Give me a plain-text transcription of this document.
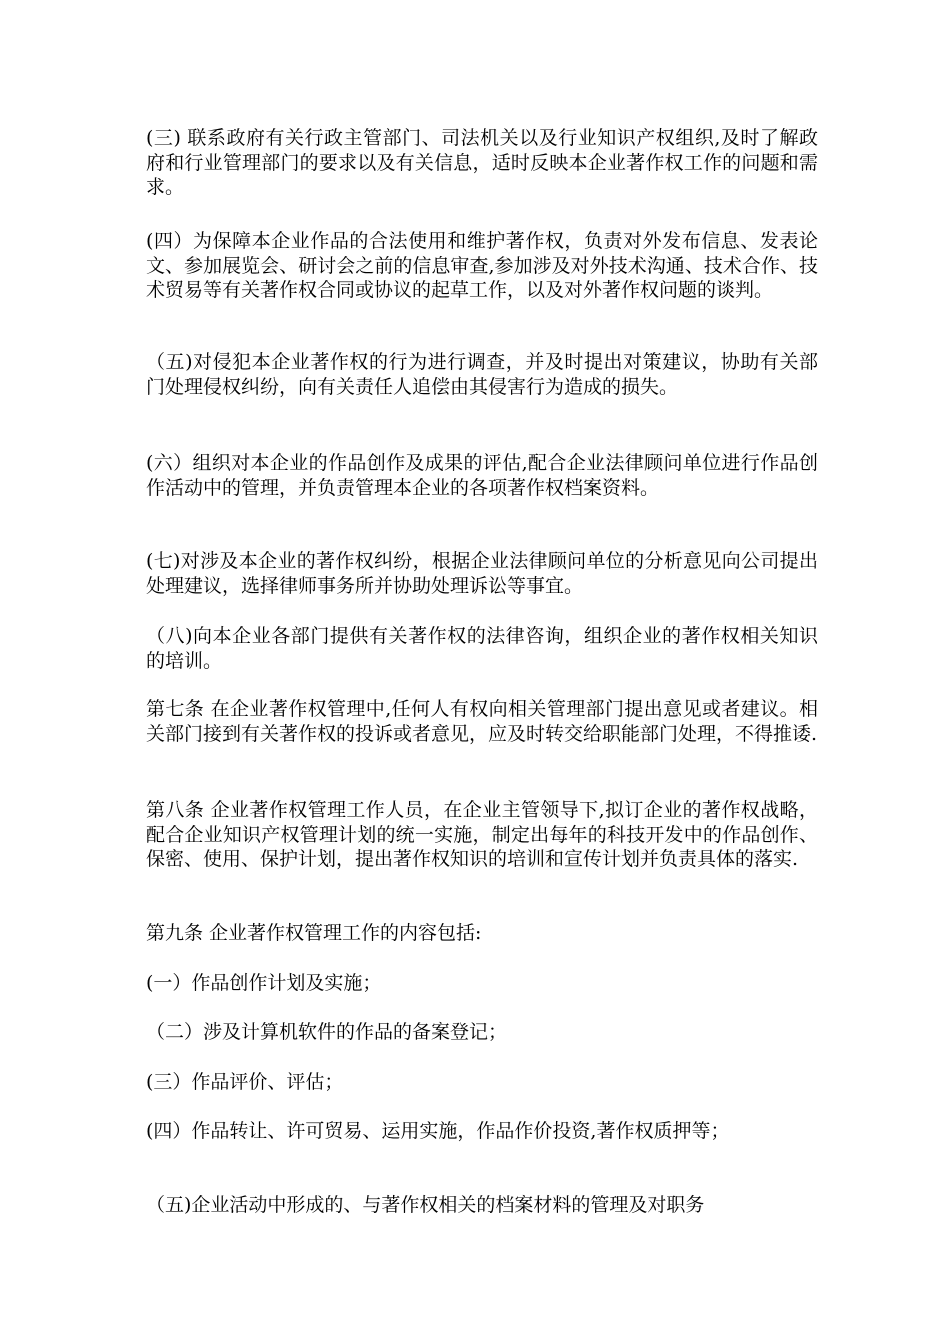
(三) 联系政府有关行政主管部门、司法机关以及行业知识产权组织,及时了解政府和行业管理部门的要求以及有关信息，适时反映本企业著作权工作的问题和需求。

(四）为保障本企业作品的合法使用和维护著作权，负责对外发布信息、发表论文、参加展览会、研讨会之前的信息审查,参加涉及对外技术沟通、技术合作、技术贸易等有关著作权合同或协议的起草工作，以及对外著作权问题的谈判。

（五)对侵犯本企业著作权的行为进行调查，并及时提出对策建议，协助有关部门处理侵权纠纷，向有关责任人追偿由其侵害行为造成的损失。

(六）组织对本企业的作品创作及成果的评估,配合企业法律顾问单位进行作品创作活动中的管理，并负责管理本企业的各项著作权档案资料。

(七)对涉及本企业的著作权纠纷，根据企业法律顾问单位的分析意见向公司提出处理建议，选择律师事务所并协助处理诉讼等事宜。

（八)向本企业各部门提供有关著作权的法律咨询，组织企业的著作权相关知识的培训。

第七条 在企业著作权管理中,任何人有权向相关管理部门提出意见或者建议。相关部门接到有关著作权的投诉或者意见，应及时转交给职能部门处理，不得推诿.

第八条 企业著作权管理工作人员，在企业主管领导下,拟订企业的著作权战略，配合企业知识产权管理计划的统一实施，制定出每年的科技开发中的作品创作、保密、使用、保护计划，提出著作权知识的培训和宣传计划并负责具体的落实.

第九条 企业著作权管理工作的内容包括:

(一）作品创作计划及实施；

（二）涉及计算机软件的作品的备案登记；

(三）作品评价、评估；

(四）作品转让、许可贸易、运用实施，作品作价投资,著作权质押等；

（五)企业活动中形成的、与著作权相关的档案材料的管理及对职务
